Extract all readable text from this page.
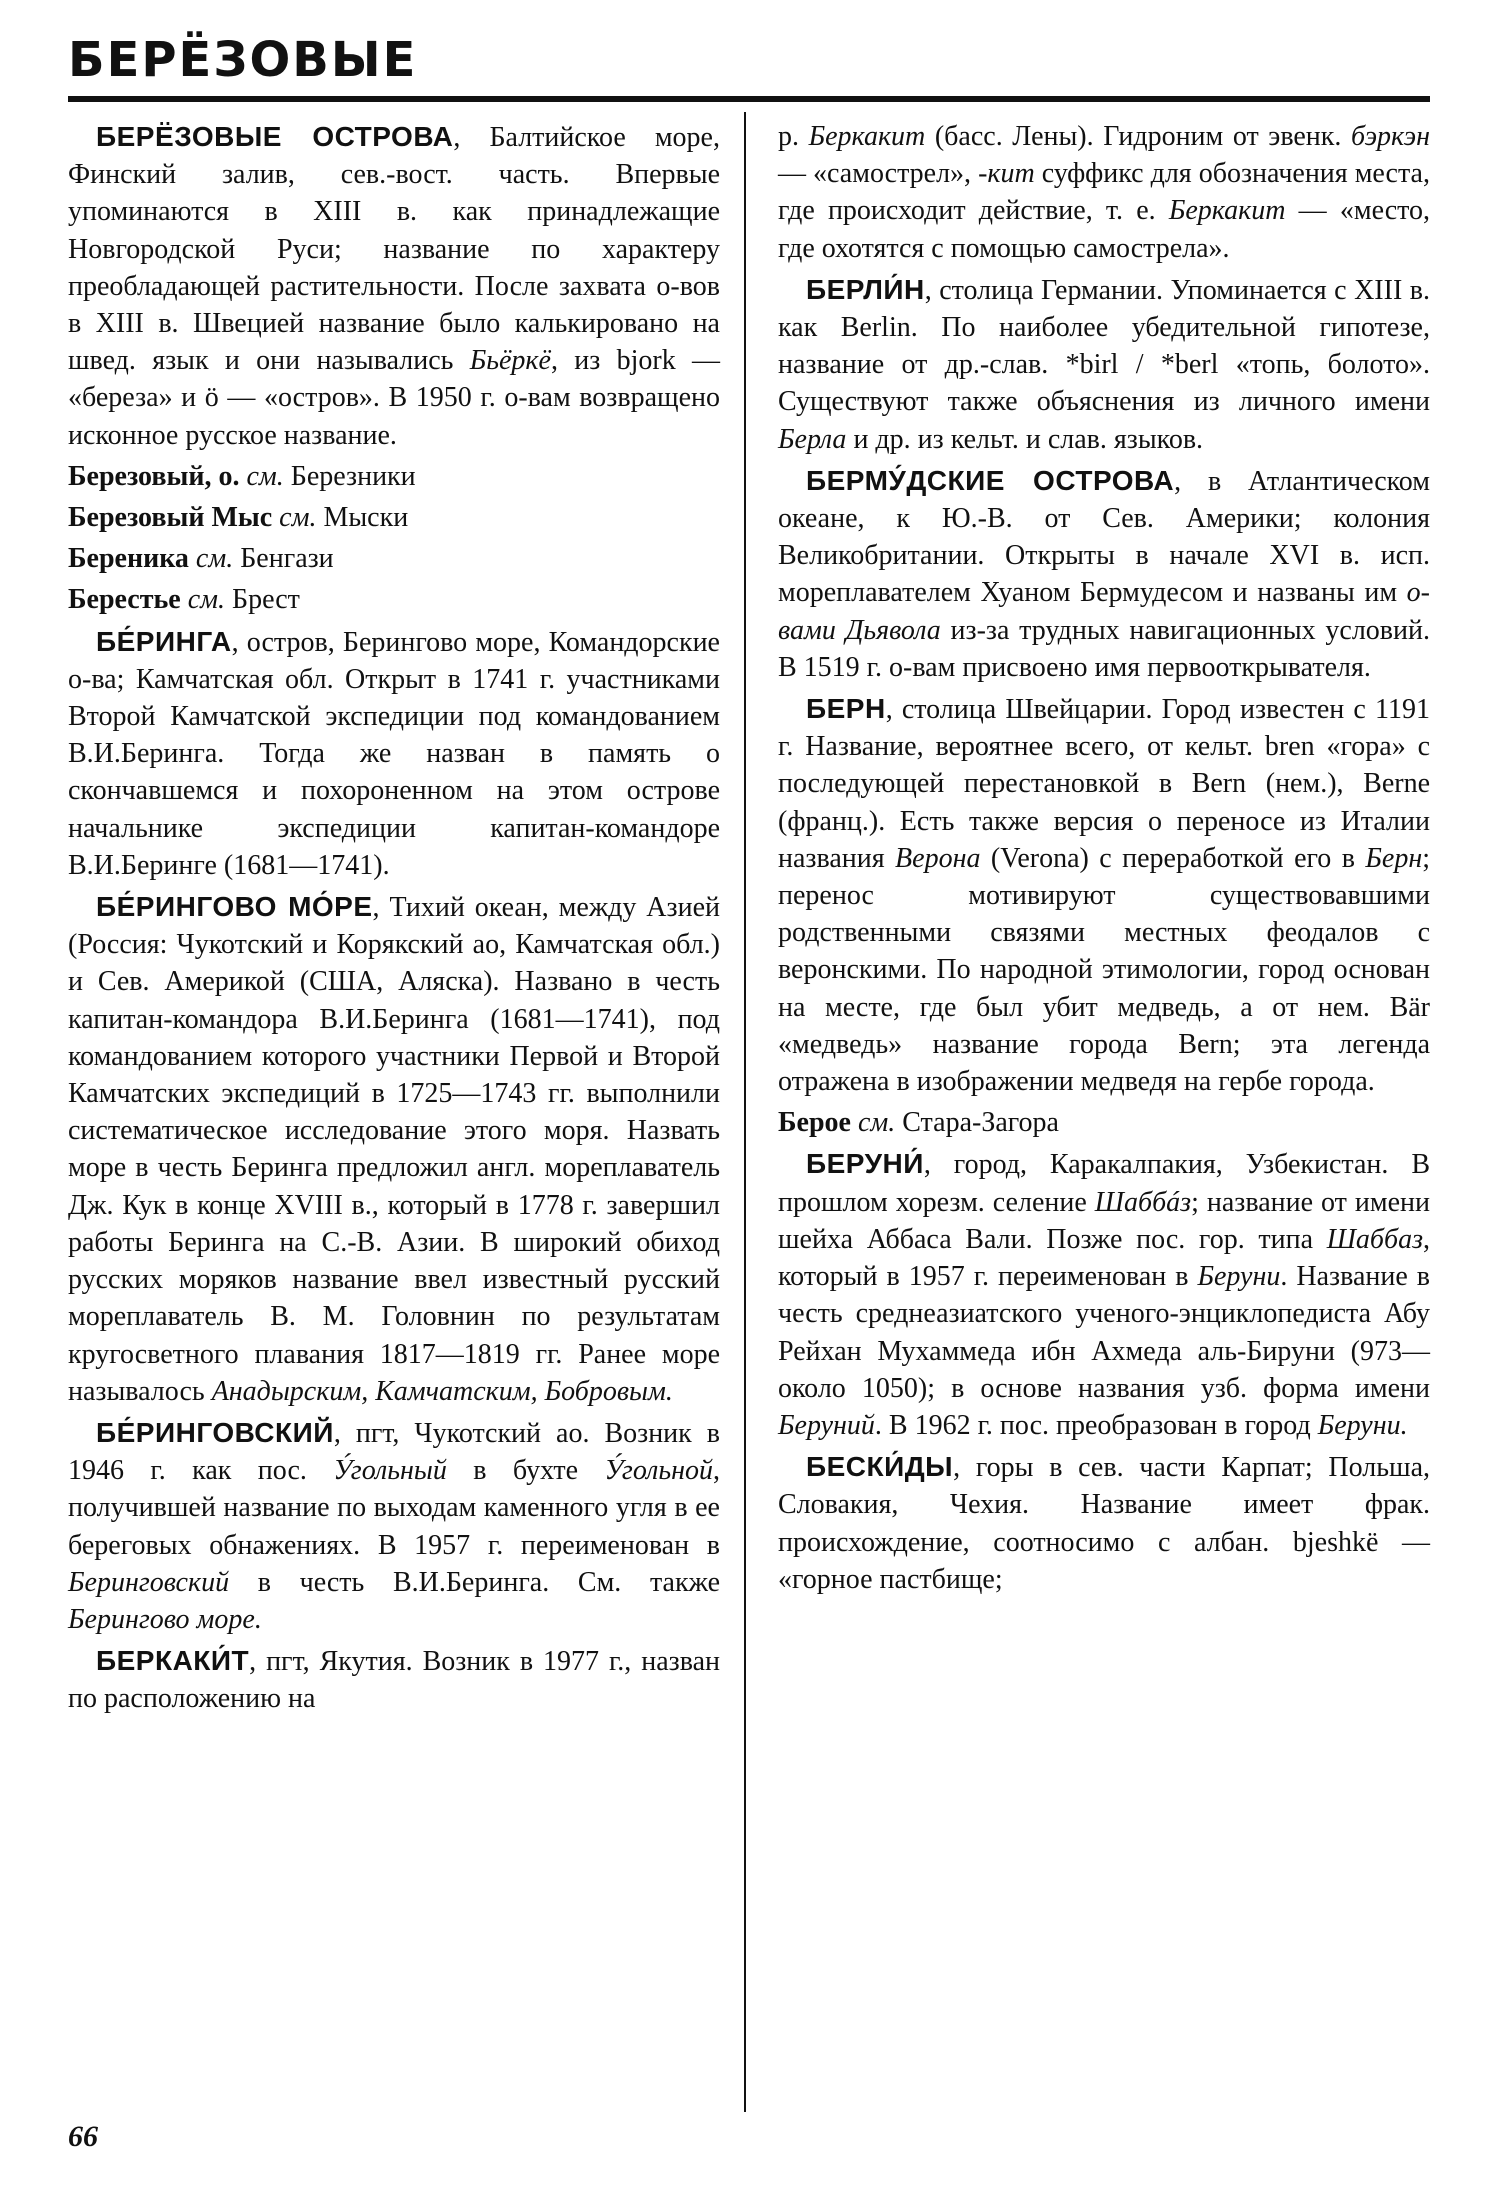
БЕРЁЗОВЫЕ

БЕРЁЗОВЫЕ ОСТРОВА, Балтийское море, Финский залив, сев.-вост. часть. Впервые упоминаются в XIII в. как принадлежащие Новгородской Руси; название по характеру преобладающей растительности. После захвата о-вов в XIII в. Швецией название было калькировано на швед. язык и они назывались Бьёркё, из bjork — «береза» и ö — «остров». В 1950 г. о-вам возвращено исконное русское название.

Березовый, о. см. Березники

Березовый Мыс см. Мыски

Береника см. Бенгази

Берестье см. Брест

БЕ́РИНГА, остров, Берингово море, Командорские о-ва; Камчатская обл. Открыт в 1741 г. участниками Второй Камчатской экспедиции под командованием В.И.Беринга. Тогда же назван в память о скончавшемся и похороненном на этом острове начальнике экспедиции капитан-командоре В.И.Беринге (1681—1741).

БЕ́РИНГОВО МО́РЕ, Тихий океан, между Азией (Россия: Чукотский и Корякский ао, Камчатская обл.) и Сев. Америкой (США, Аляска). Названо в честь капитан-командора В.И.Беринга (1681—1741), под командованием которого участники Первой и Второй Камчатских экспедиций в 1725—1743 гг. выполнили систематическое исследование этого моря. Назвать море в честь Беринга предложил англ. мореплаватель Дж. Кук в конце XVIII в., который в 1778 г. завершил работы Беринга на С.-В. Азии. В широкий обиход русских моряков название ввел известный русский мореплаватель В. М. Головнин по результатам кругосветного плавания 1817—1819 гг. Ранее море называлось Анадырским, Камчатским, Бобровым.

БЕ́РИНГОВСКИЙ, пгт, Чукотский ао. Возник в 1946 г. как пос. У́гольный в бухте У́гольной, получившей название по выходам каменного угля в ее береговых обнажениях. В 1957 г. переименован в Беринговский в честь В.И.Беринга. См. также Берингово море.

БЕРКАКИ́Т, пгт, Якутия. Возник в 1977 г., назван по расположению на

р. Беркакит (басс. Лены). Гидроним от эвенк. бэркэн — «самострел», -кит суффикс для обозначения места, где происходит действие, т. е. Беркакит — «место, где охотятся с помощью самострела».

БЕРЛИ́Н, столица Германии. Упоминается с XIII в. как Berlin. По наиболее убедительной гипотезе, название от др.-слав. *birl / *berl «топь, болото». Существуют также объяснения из личного имени Берла и др. из кельт. и слав. языков.

БЕРМУ́ДСКИЕ ОСТРОВА, в Атлантическом океане, к Ю.-В. от Сев. Америки; колония Великобритании. Открыты в начале XVI в. исп. мореплавателем Хуаном Бермудесом и названы им о-вами Дьявола из-за трудных навигационных условий. В 1519 г. о-вам присвоено имя первооткрывателя.

БЕРН, столица Швейцарии. Город известен с 1191 г. Название, вероятнее всего, от кельт. bren «гора» с последующей перестановкой в Bern (нем.), Berne (франц.). Есть также версия о переносе из Италии названия Верона (Verona) с переработкой его в Берн; перенос мотивируют существовавшими родственными связями местных феодалов с веронскими. По народной этимологии, город основан на месте, где был убит медведь, а от нем. Bär «медведь» название города Bern; эта легенда отражена в изображении медведя на гербе города.

Бероe см. Стара-Загора

БЕРУНИ́, город, Каракалпакия, Узбекистан. В прошлом хорезм. селение Шаббáз; название от имени шейха Аббаса Вали. Позже пос. гор. типа Шаббаз, который в 1957 г. переименован в Беруни. Название в честь среднеазиатского ученого-энциклопедиста Абу Рейхан Мухаммеда ибн Ахмеда аль-Бируни (973—около 1050); в основе названия узб. форма имени Беруний. В 1962 г. пос. преобразован в город Беруни.

БЕСКИ́ДЫ, горы в сев. части Карпат; Польша, Словакия, Чехия. Название имеет фрак. происхождение, соотносимо с албан. bjeshkë — «горное пастбище;

66
